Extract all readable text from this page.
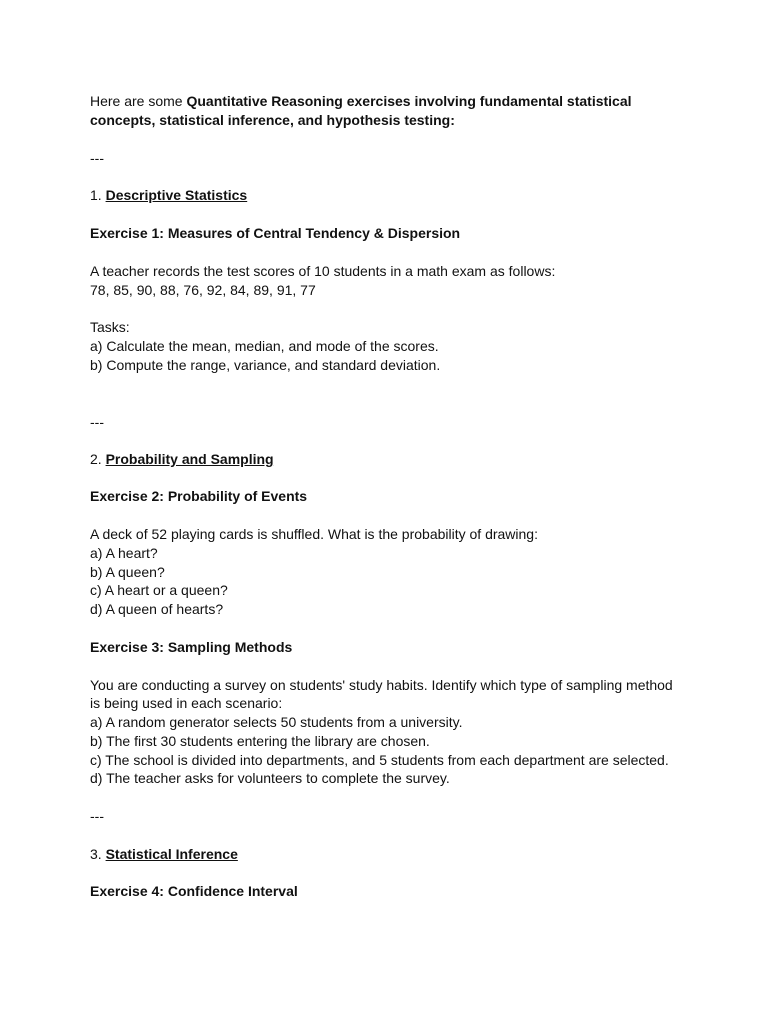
Here are some Quantitative Reasoning exercises involving fundamental statistical
concepts, statistical inference, and hypothesis testing:
---
1. Descriptive Statistics
Exercise 1: Measures of Central Tendency & Dispersion
A teacher records the test scores of 10 students in a math exam as follows:
78, 85, 90, 88, 76, 92, 84, 89, 91, 77
Tasks:
a) Calculate the mean, median, and mode of the scores.
b) Compute the range, variance, and standard deviation.
---
2. Probability and Sampling
Exercise 2: Probability of Events
A deck of 52 playing cards is shuffled. What is the probability of drawing:
a) A heart?
b) A queen?
c) A heart or a queen?
d) A queen of hearts?
Exercise 3: Sampling Methods
You are conducting a survey on students' study habits. Identify which type of sampling method
is being used in each scenario:
a) A random generator selects 50 students from a university.
b) The first 30 students entering the library are chosen.
c) The school is divided into departments, and 5 students from each department are selected.
d) The teacher asks for volunteers to complete the survey.
---
3. Statistical Inference
Exercise 4: Confidence Interval
